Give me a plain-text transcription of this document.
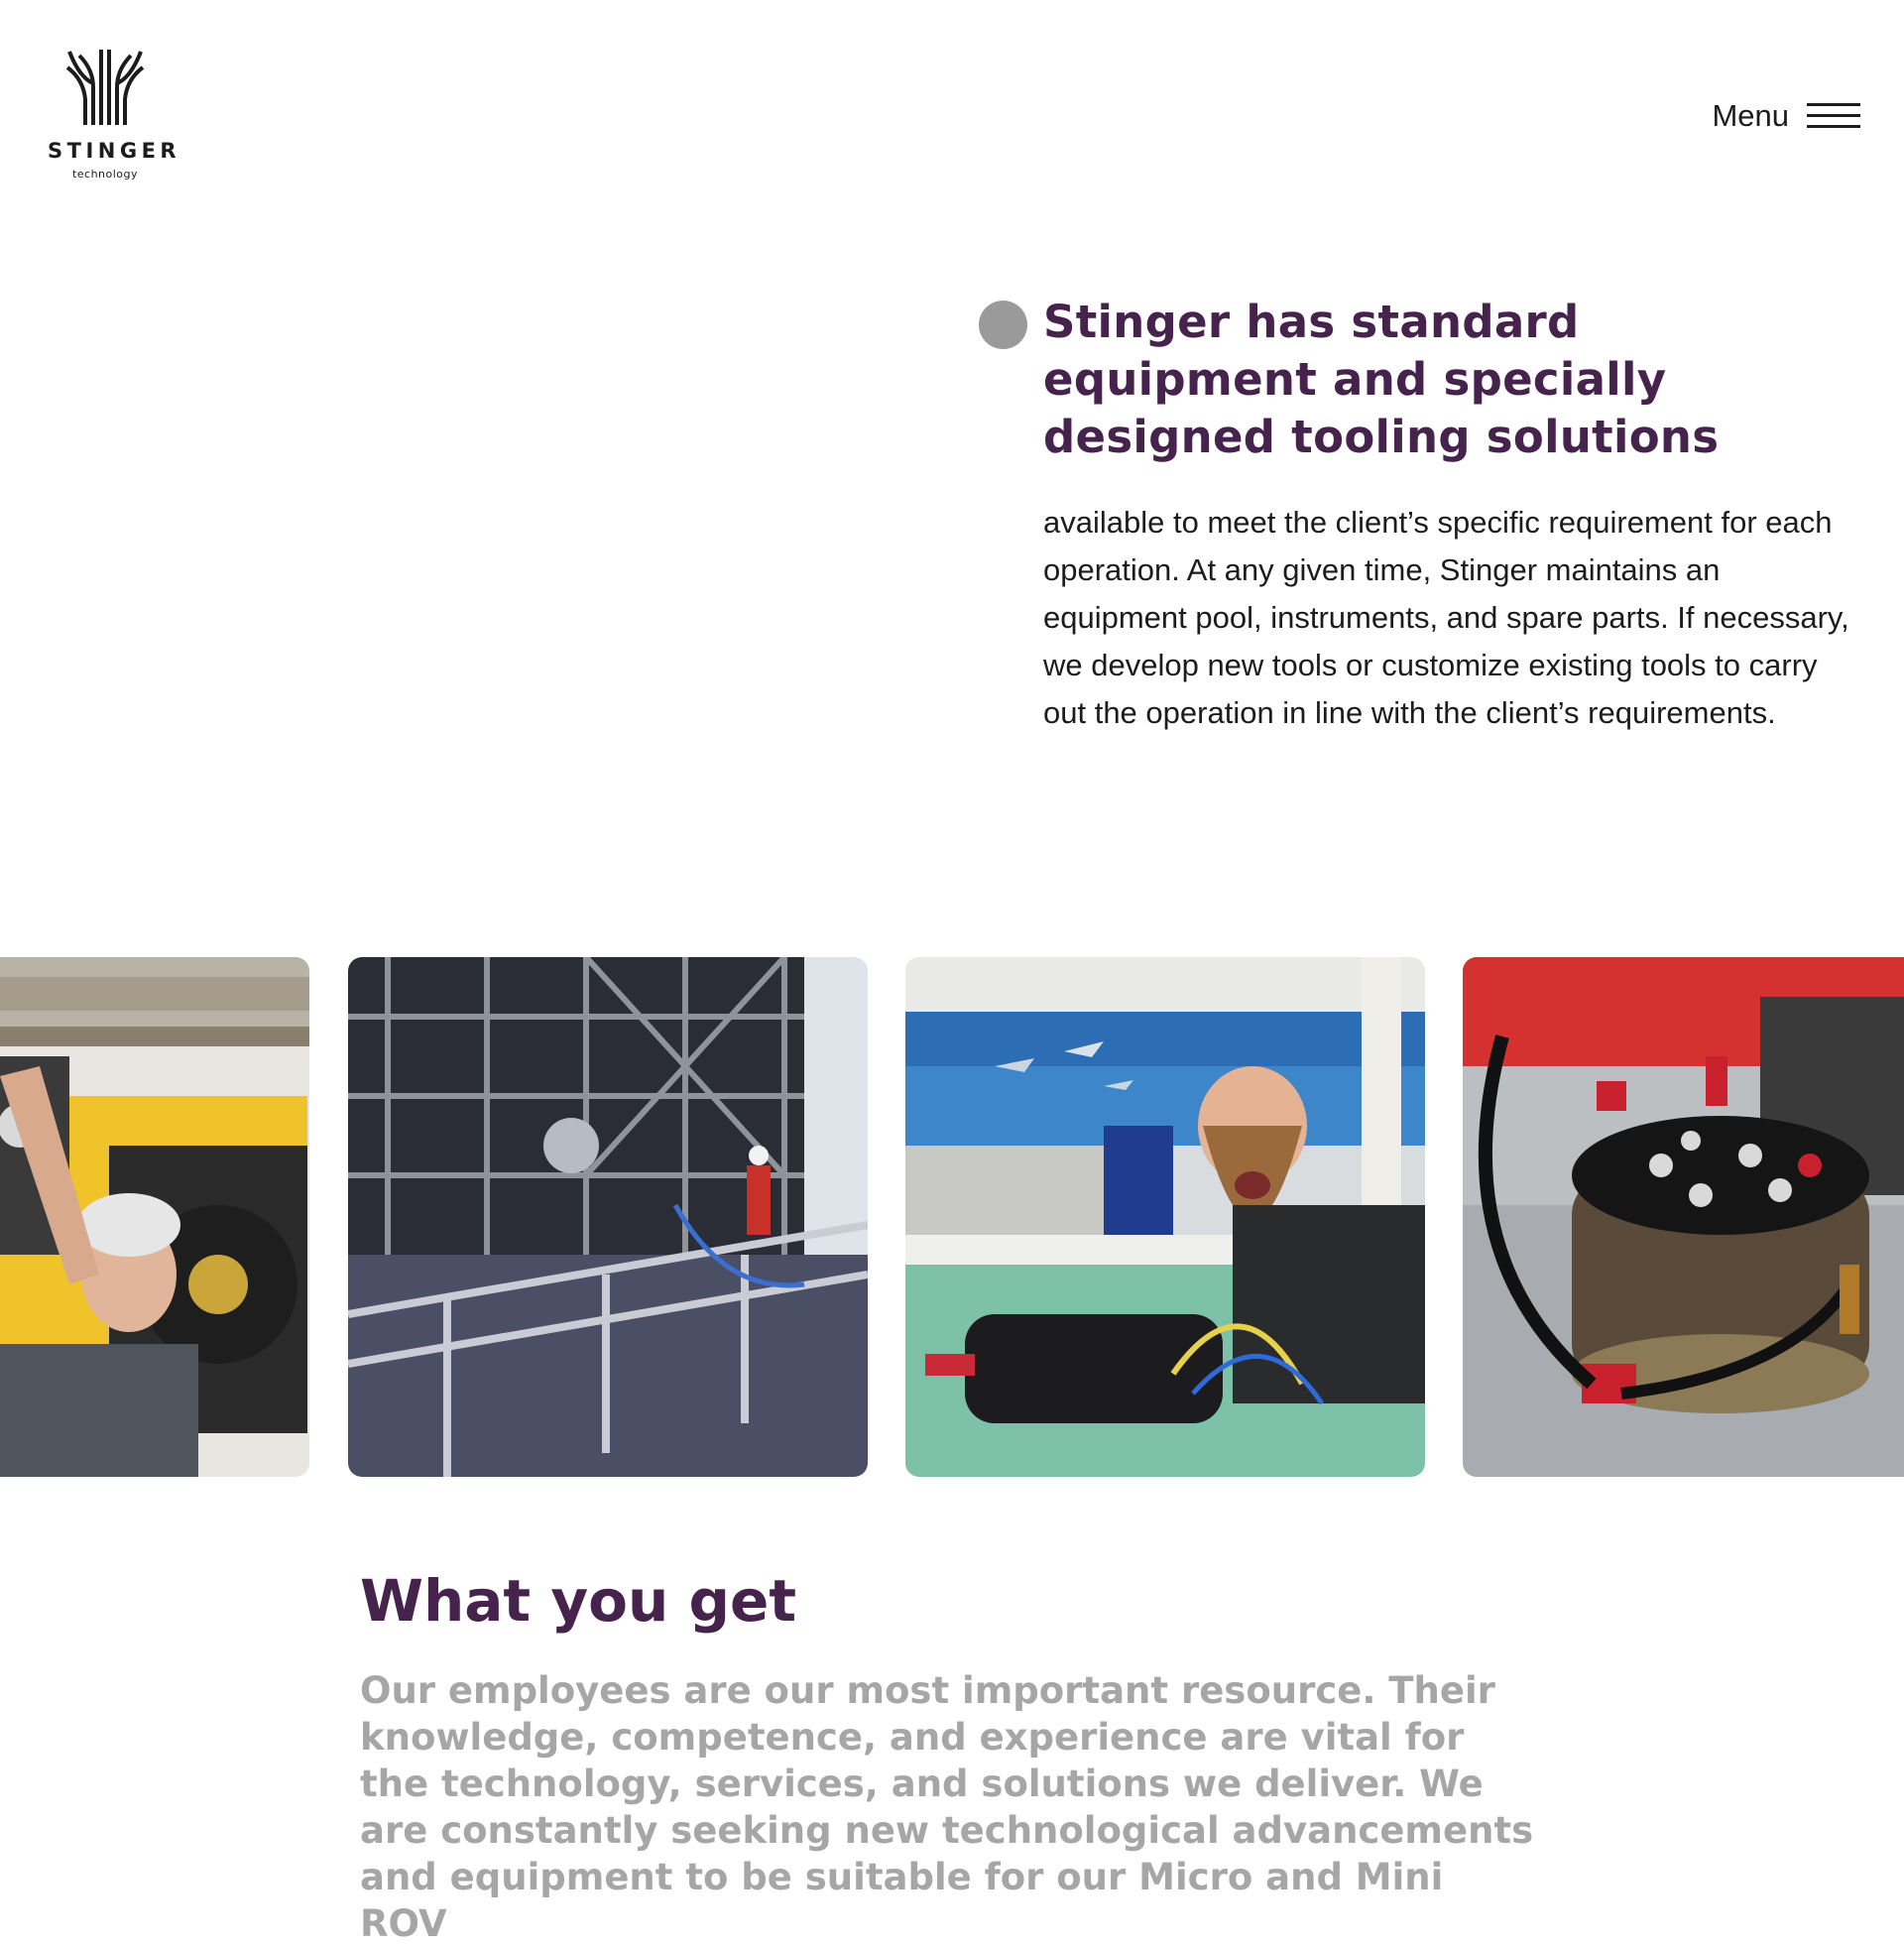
STINGER
technology
Menu
Stinger has standard equipment and specially designed tooling solutions

available to meet the client’s specific requirement for each operation. At any given time, Stinger maintains an equipment pool, instruments, and spare parts. If necessary, we develop new tools or customize existing tools to carry out the operation in line with the client’s requirements.

What you get

Our employees are our most important resource. Their knowledge, competence, and experience are vital for the technology, services, and solutions we deliver. We are constantly seeking new technological advancements and equipment to be suitable for our Micro and Mini ROV
